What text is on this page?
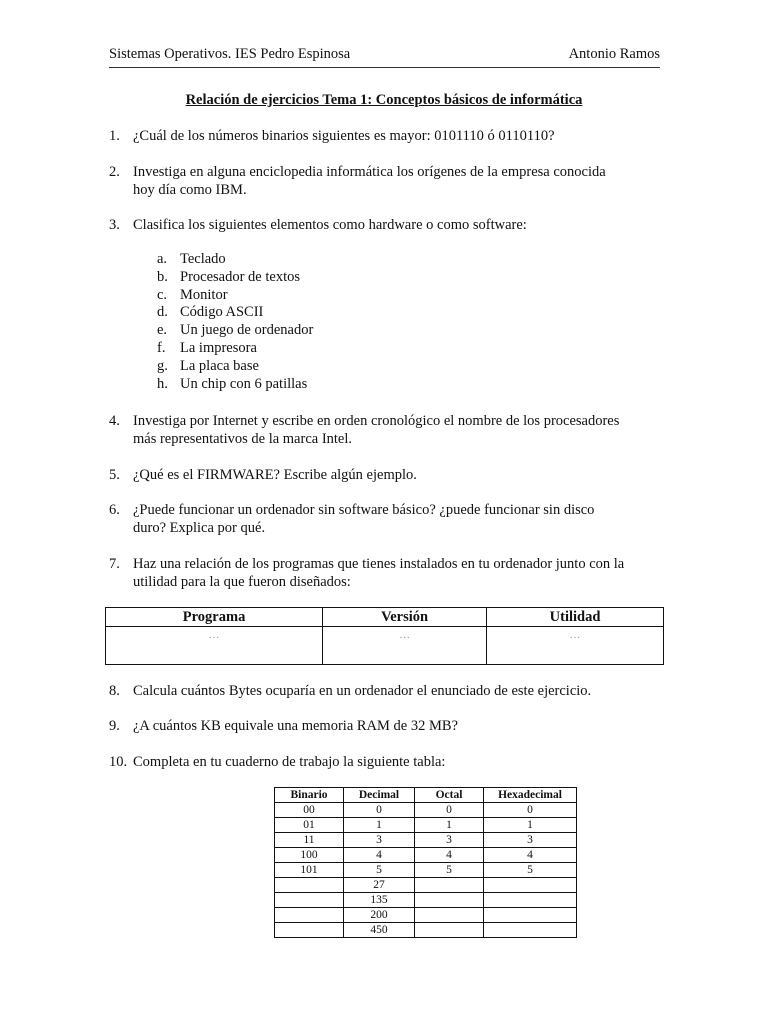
Sistemas Operativos. IES Pedro Espinosa	Antonio Ramos
Relación de ejercicios Tema 1: Conceptos básicos de informática
1. ¿Cuál de los números binarios siguientes es mayor: 0101110 ó 0110110?
2. Investiga en alguna enciclopedia informática los orígenes de la empresa conocida
hoy día como IBM.
3. Clasifica los siguientes elementos como hardware o como software:
a. Teclado
b. Procesador de textos
c. Monitor
d. Código ASCII
e. Un juego de ordenador
f. La impresora
g. La placa base
h. Un chip con 6 patillas
4. Investiga por Internet y escribe en orden cronológico el nombre de los procesadores
más representativos de la marca Intel.
5. ¿Qué es el FIRMWARE? Escribe algún ejemplo.
6. ¿Puede funcionar un ordenador sin software básico? ¿puede funcionar sin disco
duro? Explica por qué.
7. Haz una relación de los programas que tienes instalados en tu ordenador junto con la
utilidad para la que fueron diseñados:
Programa	Versión	Utilidad
…	…	…
8. Calcula cuántos Bytes ocuparía en un ordenador el enunciado de este ejercicio.
9. ¿A cuántos KB equivale una memoria RAM de 32 MB?
10. Completa en tu cuaderno de trabajo la siguiente tabla:
Binario	Decimal	Octal	Hexadecimal
00	0	0	0
01	1	1	1
11	3	3	3
100	4	4	4
101	5	5	5
	27		
	135		
	200		
	450		
